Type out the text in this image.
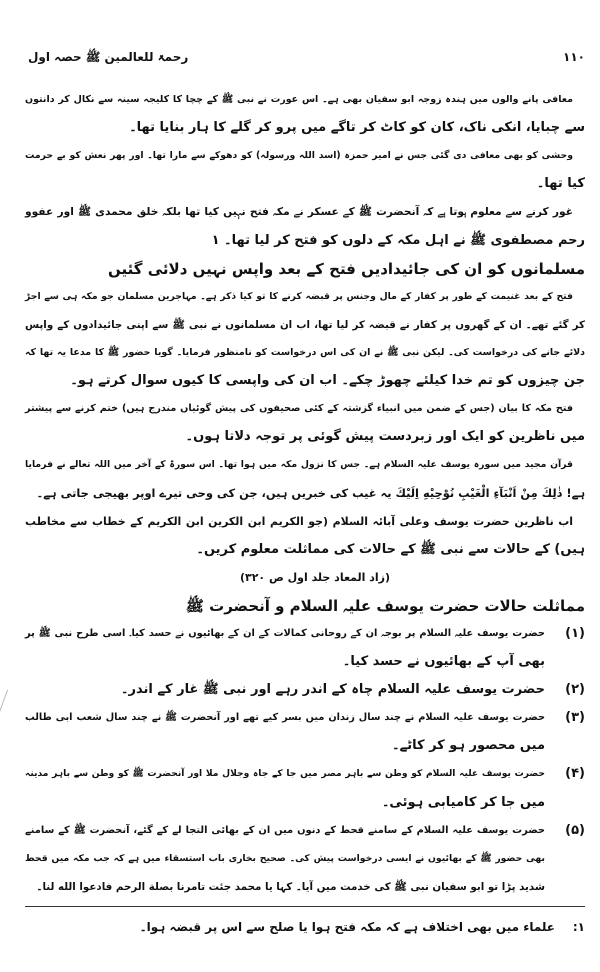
رحمۃ للعالمین ﷺ حصہ اول	۱۱۰
معافی پانے والوں میں ہندہ زوجہ ابو سفیان بھی ہے۔ اس عورت نے نبی ﷺ کے چچا کا کلیجہ سینہ سے نکال کر دانتوں
سے چبایا، انکی ناک، کان کو کاٹ کر تاگے میں پرو کر گلے کا ہار بنایا تھا۔
وحشی کو بھی معافی دی گئی جس نے امیر حمزہ (اسد اللہ ورسولہ) کو دھوکے سے مارا تھا۔ اور پھر نعش کو بے حرمت
کیا تھا۔
غور کرنے سے معلوم ہوتا ہے کہ آنحضرت ﷺ کے عسکر نے مکہ فتح نہیں کیا تھا بلکہ خلق محمدی ﷺ اور عفوو
رحم مصطفوی ﷺ نے اہل مکہ کے دلوں کو فتح کر لیا تھا۔ ۱
مسلمانوں کو ان کی جائیدادیں فتح کے بعد واپس نہیں دلائی گئیں
فتح کے بعد غنیمت کے طور پر کفار کے مال وجنس پر قبضہ کرنے کا تو کیا ذکر ہے۔ مہاجرین مسلمان جو مکہ ہی سے اجڑ
کر گئے تھے۔ ان کے گھروں پر کفار نے قبضہ کر لیا تھا، اب ان مسلمانوں نے نبی ﷺ سے اپنی جائیدادوں کے واپس
دلائے جانے کی درخواست کی۔ لیکن نبی ﷺ نے ان کی اس درخواست کو نامنظور فرمایا۔ گویا حضور ﷺ کا مدعا یہ تھا کہ
جن چیزوں کو تم خدا کیلئے چھوڑ چکے۔ اب ان کی واپسی کا کیوں سوال کرتے ہو۔
فتح مکہ کا بیان (جس کے ضمن میں انبیاء گزشتہ کے کئی صحیفوں کی پیش گوئیاں مندرج ہیں) ختم کرنے سے پیشتر
میں ناظرین کو ایک اور زبردست پیش گوئی پر توجہ دلاتا ہوں۔
قرآن مجید میں سورہ یوسف علیہ السلام ہے۔ جس کا نزول مکہ میں ہوا تھا۔ اس سورۃ کے آخر میں اللہ تعالے نے فرمایا
ہے! ذٰلِكَ مِنْ اَنْبَآءِ الْغَيْبِ نُوْحِيْهِ اِلَيْكَ یہ غیب کی خبریں ہیں، جن کی وحی تیرے اوپر بھیجی جاتی ہے۔
اب ناظرین حضرت یوسف وعلی آبائہ السلام (جو الکریم ابن الکرین ابن الکریم کے خطاب سے مخاطب
ہیں) کے حالات سے نبی ﷺ کے حالات کی مماثلت معلوم کریں۔
(زاد المعاد جلد اول ص ۳۲۰)
مماثلت حالات حضرت یوسف علیہ السلام و آنحضرت ﷺ
(۱)
حضرت یوسف علیہ السلام پر بوجہ ان کے روحانی کمالات کے ان کے بھائیوں نے حسد کیا۔ اسی طرح نبی ﷺ پر
بھی آپ کے بھائیوں نے حسد کیا۔
(۲)
حضرت یوسف علیہ السلام چاہ کے اندر رہے اور نبی ﷺ غار کے اندر۔
(۳)
حضرت یوسف علیہ السلام نے چند سال زندان میں بسر کیے تھے اور آنحضرت ﷺ نے چند سال شعب ابی طالب
میں محصور ہو کر کاٹے۔
(۴)
حضرت یوسف علیہ السلام کو وطن سے باہر مصر میں جا کے جاہ وجلال ملا اور آنحضرت ﷺ کو وطن سے باہر مدینہ
میں جا کر کامیابی ہوئی۔
(۵)
حضرت یوسف علیہ السلام کے سامنے قحط کے دنوں میں ان کے بھائی التجا لے کے گئے، آنحضرت ﷺ کے سامنے
بھی حضور ﷺ کے بھائیوں نے ایسی درخواست پیش کی۔ صحیح بخاری باب استسقاء میں ہے کہ جب مکہ میں قحط
شدید پڑا تو ابو سفیان نبی ﷺ کی خدمت میں آیا۔ کہا یا محمد جئت تامرنا بصلة الرحم فادعوا الله لنا۔
۱:
علماء میں بھی اختلاف ہے کہ مکہ فتح ہوا یا صلح سے اس پر قبضہ ہوا۔
